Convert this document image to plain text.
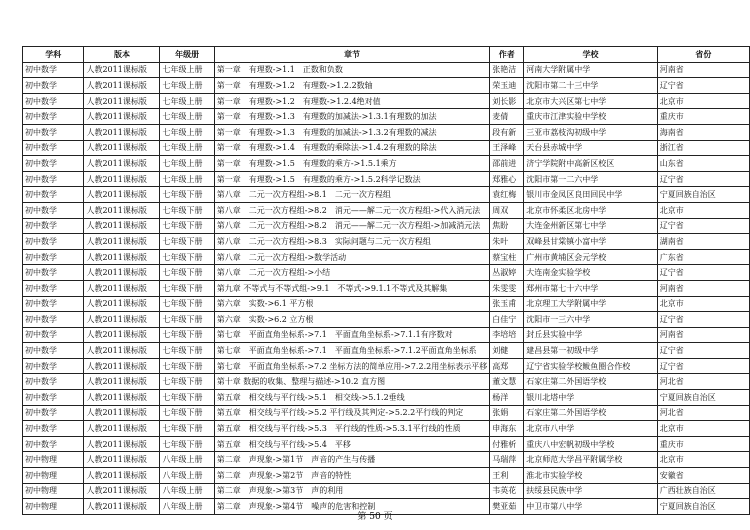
学科	版本	年级册	章节	作者	学校	省份
初中数学	人教2011课标版	七年级上册	第一章　有理数->1.1　正数和负数	张艳洁	河南大学附属中学	河南省
初中数学	人教2011课标版	七年级上册	第一章　有理数->1.2　有理数->1.2.2数轴	荣玉迪	沈阳市第二十三中学	辽宁省
初中数学	人教2011课标版	七年级上册	第一章　有理数->1.2　有理数->1.2.4绝对值	刘长影	北京市大兴区第七中学	北京市
初中数学	人教2011课标版	七年级上册	第一章　有理数->1.3　有理数的加减法->1.3.1有理数的加法	麦倩	重庆市江津实验中学校	重庆市
初中数学	人教2011课标版	七年级上册	第一章　有理数->1.3　有理数的加减法->1.3.2有理数的减法	段有新	三亚市荔枝沟初级中学	海南省
初中数学	人教2011课标版	七年级上册	第一章　有理数->1.4　有理数的乘除法->1.4.2有理数的除法	王泽峰	天台县赤城中学	浙江省
初中数学	人教2011课标版	七年级上册	第一章　有理数->1.5　有理数的乘方->1.5.1乘方	邵前进	济宁学院附中高新区校区	山东省
初中数学	人教2011课标版	七年级上册	第一章　有理数->1.5　有理数的乘方->1.5.2科学记数法	郑雅心	沈阳市第一二六中学	辽宁省
初中数学	人教2011课标版	七年级下册	第八章　二元一次方程组->8.1　二元一次方程组	袁红梅	银川市金凤区良田回民中学	宁夏回族自治区
初中数学	人教2011课标版	七年级下册	第八章　二元一次方程组->8.2　消元——解二元一次方程组->代入消元法	周双	北京市怀柔区北房中学	北京市
初中数学	人教2011课标版	七年级下册	第八章　二元一次方程组->8.2　消元——解二元一次方程组->加减消元法	焦盼	大连金州新区第七中学	辽宁省
初中数学	人教2011课标版	七年级下册	第八章　二元一次方程组->8.3　实际问题与二元一次方程组	朱叶	双峰县甘棠镇小富中学	湖南省
初中数学	人教2011课标版	七年级下册	第八章　二元一次方程组->数学活动	蔡宝柱	广州市黄埔区会元学校	广东省
初中数学	人教2011课标版	七年级下册	第八章　二元一次方程组->小结	丛淑婷	大连南金实验学校	辽宁省
初中数学	人教2011课标版	七年级下册	第九章 不等式与不等式组->9.1　不等式->9.1.1不等式及其解集	朱雯雯	郑州市第七十六中学	河南省
初中数学	人教2011课标版	七年级下册	第六章　实数->6.1 平方根	张玉甫	北京理工大学附属中学	北京市
初中数学	人教2011课标版	七年级下册	第六章　实数->6.2 立方根	白佳宁	沈阳市一三六中学	辽宁省
初中数学	人教2011课标版	七年级下册	第七章　平面直角坐标系->7.1　平面直角坐标系->7.1.1有序数对	李培培	封丘县实验中学	河南省
初中数学	人教2011课标版	七年级下册	第七章　平面直角坐标系->7.1　平面直角坐标系->7.1.2平面直角坐标系	刘健	建昌县第一初级中学	辽宁省
初中数学	人教2011课标版	七年级下册	第七章　平面直角坐标系->7.2 坐标方法的简单应用->7.2.2用坐标表示平移	高郑	辽宁省实验学校鲅鱼圈合作校	辽宁省
初中数学	人教2011课标版	七年级下册	第十章 数据的收集、整理与描述->10.2 直方图	董文慧	石家庄第二外国语学校	河北省
初中数学	人教2011课标版	七年级下册	第五章　相交线与平行线->5.1　相交线->5.1.2垂线	杨洋	银川北塔中学	宁夏回族自治区
初中数学	人教2011课标版	七年级下册	第五章　相交线与平行线->5.2 平行线及其判定->5.2.2平行线的判定	张娟	石家庄第二外国语学校	河北省
初中数学	人教2011课标版	七年级下册	第五章　相交线与平行线->5.3　平行线的性质->5.3.1平行线的性质	申海东	北京市八中学	北京市
初中数学	人教2011课标版	七年级下册	第五章　相交线与平行线->5.4　平移	付雅析	重庆八中宏帆初级中学校	重庆市
初中物理	人教2011课标版	八年级上册	第二章　声现象->第1节　声音的产生与传播	马瑞萍	北京师范大学昌平附属学校	北京市
初中物理	人教2011课标版	八年级上册	第二章　声现象->第2节　声音的特性	王利	淮北市实验学校	安徽省
初中物理	人教2011课标版	八年级上册	第二章　声现象->第3节　声的利用	韦英花	扶绥县民族中学	广西壮族自治区
初中物理	人教2011课标版	八年级上册	第二章　声现象->第4节　噪声的危害和控制	樊亚茹	中卫市第八中学	宁夏回族自治区
第 50 页
